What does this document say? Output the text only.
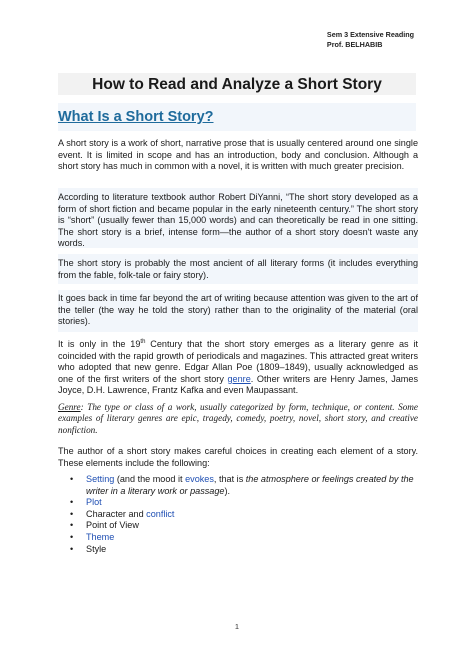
Sem 3 Extensive Reading
Prof. BELHABIB
How to Read and Analyze a Short Story
What Is a Short Story?
A short story is a work of short, narrative prose that is usually centered around one single event. It is limited in scope and has an introduction, body and conclusion. Although a short story has much in common with a novel, it is written with much greater precision.
According to literature textbook author Robert DiYanni, “The short story developed as a form of short fiction and became popular in the early nineteenth century.” The short story is “short” (usually fewer than 15,000 words) and can theoretically be read in one sitting. The short story is a brief, intense form—the author of a short story doesn't waste any words.
The short story is probably the most ancient of all literary forms (it includes everything from the fable, folk-tale or fairy story).
It goes back in time far beyond the art of writing because attention was given to the art of the teller (the way he told the story) rather than to the originality of the material (oral stories).
It is only in the 19th Century that the short story emerges as a literary genre as it coincided with the rapid growth of periodicals and magazines. This attracted great writers who adopted that new genre. Edgar Allan Poe (1809–1849), usually acknowledged as one of the first writers of the short story genre. Other writers are Henry James, James Joyce, D.H. Lawrence, Frantz Kafka and even Maupassant.
Genre: The type or class of a work, usually categorized by form, technique, or content. Some examples of literary genres are epic, tragedy, comedy, poetry, novel, short story, and creative nonfiction.
The author of a short story makes careful choices in creating each element of a story. These elements include the following:
• Setting (and the mood it evokes, that is the atmosphere or feelings created by the writer in a literary work or passage).
• Plot
• Character and conflict
• Point of View
• Theme
• Style
1
